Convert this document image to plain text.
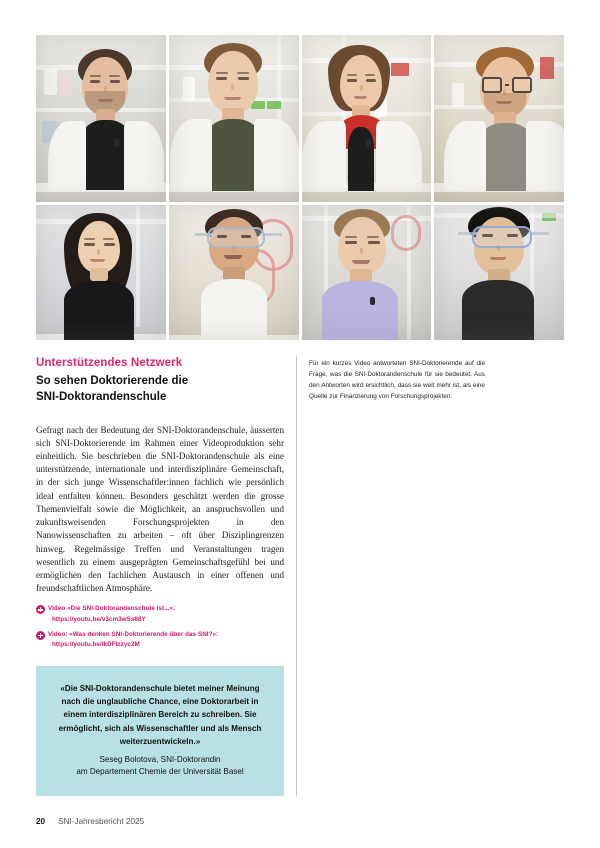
Unterstützendes Netzwerk

So sehen Doktorierende die
SNI-Doktorandenschule

Gefragt nach der Bedeutung der SNI-Doktorandenschule, äusserten sich SNI-Doktorierende im Rahmen einer Videoproduktion sehr einheitlich. Sie beschrieben die SNI-Doktorandenschule als eine unterstützende, internationale und interdisziplinäre Gemeinschaft, in der sich junge Wissenschaftler:innen fachlich wie persönlich ideal entfalten können. Besonders geschätzt werden die grosse Themenvielfalt sowie die Möglichkeit, an anspruchsvollen und zukunftsweisenden Forschungsprojekten in den Nanowissenschaften zu arbeiten – oft über Disziplingrenzen hinweg. Regelmässige Treffen und Veranstaltungen tragen wesentlich zu einem ausgeprägten Gemeinschaftsgefühl bei und ermöglichen den fachlichen Austausch in einer offenen und freundschaftlichen Atmosphäre.

Video «Die SNI-Doktorandenschule ist...»:
https://youtu.be/v3cm3wSs88Y
Video: «Was denken SNI-Doktorierende über das SNI?»:
https://youtu.be/IkDFIzzyc2M

«Die SNI-Doktorandenschule bietet meiner Meinung nach die unglaubliche Chance, eine Doktorarbeit in einem interdisziplinären Bereich zu schreiben. Sie ermöglicht, sich als Wissenschaftler und als Mensch weiterzuentwickeln.»

Seseg Bolotova, SNI-Doktorandin
am Departement Chemie der Universität Basel

Für ein kurzes Video antworteten SNI-Doktorierende auf die Frage, was die SNI-Doktorandenschule für sie bedeutet. Aus den Antworten wird ersichtlich, dass sie weit mehr ist, als eine Quelle zur Finanzierung von Forschungsprojekten.

20 SNI-Jahresbericht 2025
